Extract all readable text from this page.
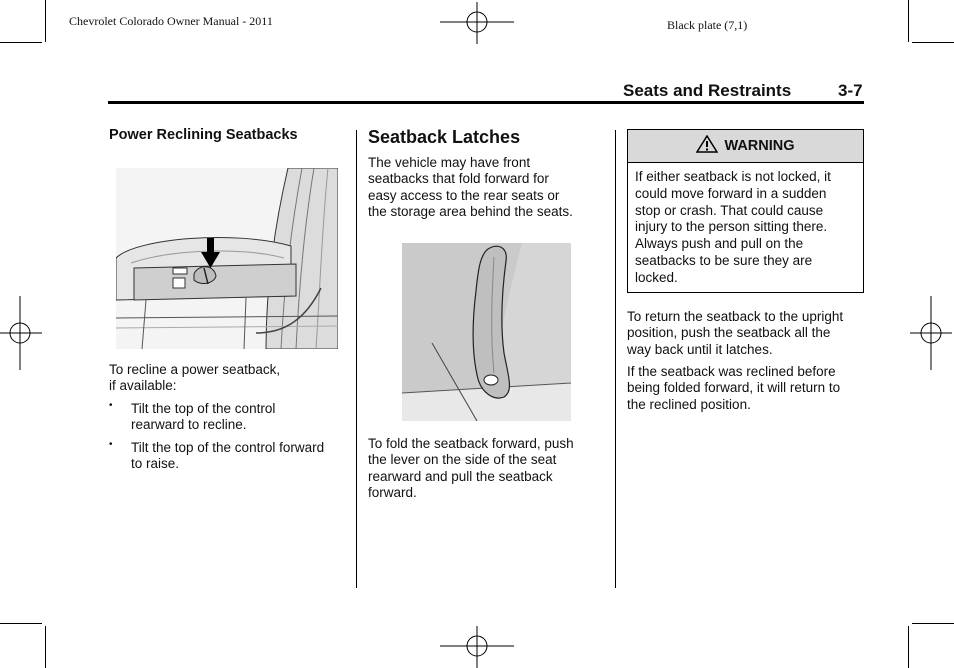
Chevrolet Colorado Owner Manual - 2011	Black plate (7,1)
Seats and Restraints	3-7
Power Reclining Seatbacks
To recline a power seatback,
if available:
• Tilt the top of the control
rearward to recline.
• Tilt the top of the control forward
to raise.
Seatback Latches
The vehicle may have front
seatbacks that fold forward for
easy access to the rear seats or
the storage area behind the seats.
To fold the seatback forward, push
the lever on the side of the seat
rearward and pull the seatback
forward.
WARNING
If either seatback is not locked, it
could move forward in a sudden
stop or crash. That could cause
injury to the person sitting there.
Always push and pull on the
seatbacks to be sure they are
locked.
To return the seatback to the upright
position, push the seatback all the
way back until it latches.
If the seatback was reclined before
being folded forward, it will return to
the reclined position.
